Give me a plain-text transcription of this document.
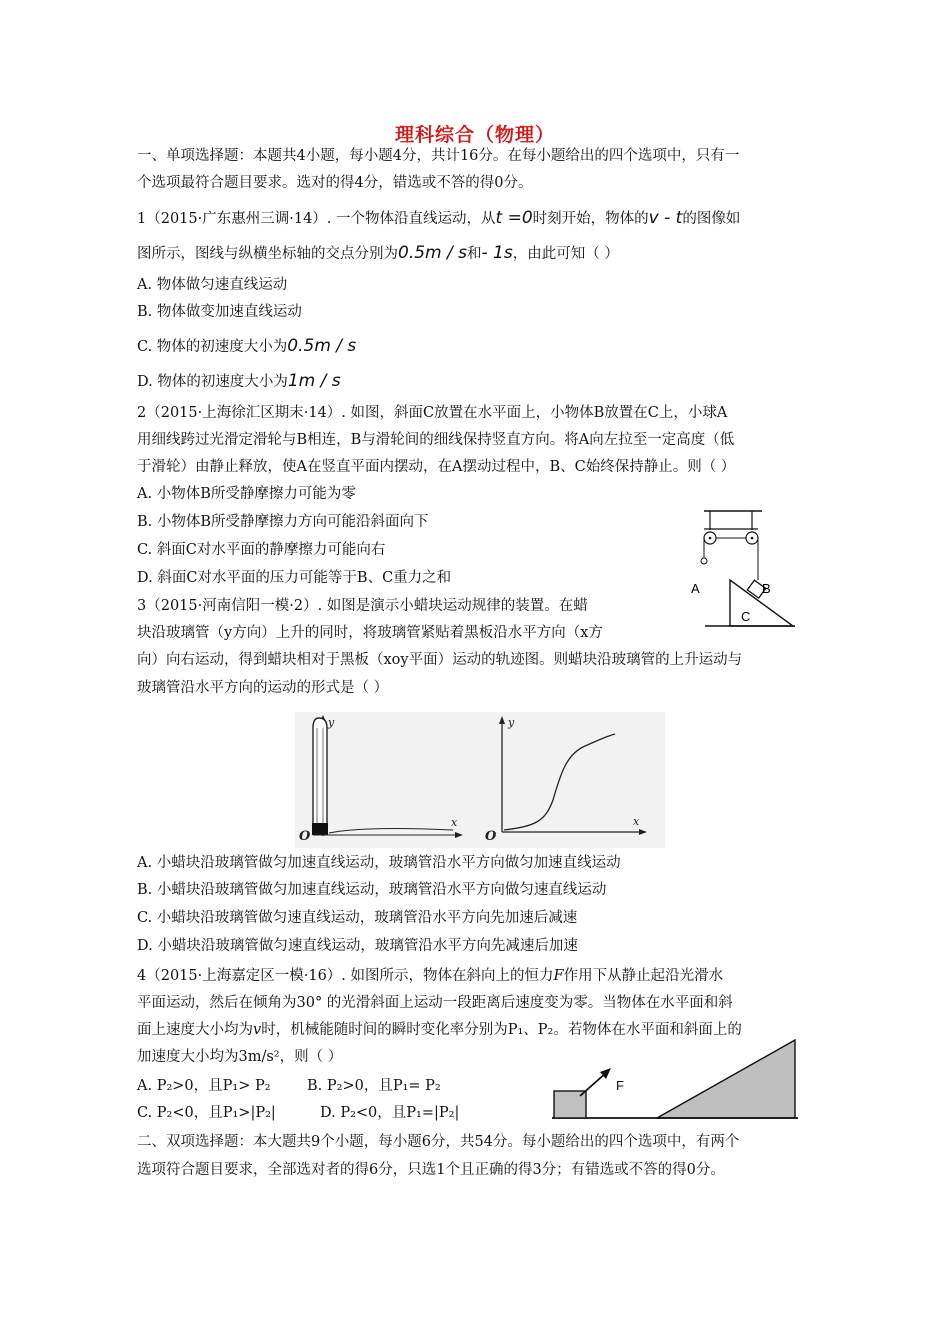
理科综合（物理）
一、单项选择题：本题共4小题，每小题4分，共计16分。在每小题给出的四个选项中，只有一
个选项最符合题目要求。选对的得4分，错选或不答的得0分。
1（2015·广东惠州三调·14）. 一个物体沿直线运动，从t =0时刻开始，物体的v - t的图像如
图所示，图线与纵横坐标轴的交点分别为0.5m / s和- 1s，由此可知（ ）
A. 物体做匀速直线运动
B. 物体做变加速直线运动
C. 物体的初速度大小为0.5m / s
D. 物体的初速度大小为1m / s
2（2015·上海徐汇区期末·14）. 如图，斜面C放置在水平面上，小物体B放置在C上，小球A
用细线跨过光滑定滑轮与B相连，B与滑轮间的细线保持竖直方向。将A向左拉至一定高度（低
于滑轮）由静止释放，使A在竖直平面内摆动，在A摆动过程中，B、C始终保持静止。则（ ）
A. 小物体B所受静摩擦力可能为零
B. 小物体B所受静摩擦力方向可能沿斜面向下
C. 斜面C对水平面的静摩擦力可能向右
D. 斜面C对水平面的压力可能等于B、C重力之和
A	B
C
3（2015·河南信阳一模·2）. 如图是演示小蜡块运动规律的装置。在蜡
块沿玻璃管（y方向）上升的同时，将玻璃管紧贴着黑板沿水平方向（x方
向）向右运动，得到蜡块相对于黑板（xoy平面）运动的轨迹图。则蜡块沿玻璃管的上升运动与
玻璃管沿水平方向的运动的形式是（ ）
y
x
O
y
x
O
A. 小蜡块沿玻璃管做匀加速直线运动，玻璃管沿水平方向做匀加速直线运动
B. 小蜡块沿玻璃管做匀加速直线运动，玻璃管沿水平方向做匀速直线运动
C. 小蜡块沿玻璃管做匀速直线运动，玻璃管沿水平方向先加速后减速
D. 小蜡块沿玻璃管做匀速直线运动，玻璃管沿水平方向先减速后加速
4（2015·上海嘉定区一模·16）. 如图所示，物体在斜向上的恒力F作用下从静止起沿光滑水
平面运动，然后在倾角为30° 的光滑斜面上运动一段距离后速度变为零。当物体在水平面和斜
面上速度大小均为v时，机械能随时间的瞬时变化率分别为P₁、P₂。若物体在水平面和斜面上的
加速度大小均为3m/s²，则（ ）
A. P₂>0，且P₁> P₂	B. P₂>0，且P₁= P₂
C. P₂<0，且P₁>|P₂|	D. P₂<0，且P₁=|P₂|
F
二、双项选择题：本大题共9个小题，每小题6分，共54分。每小题给出的四个选项中，有两个
选项符合题目要求，全部选对者的得6分，只选1个且正确的得3分；有错选或不答的得0分。
